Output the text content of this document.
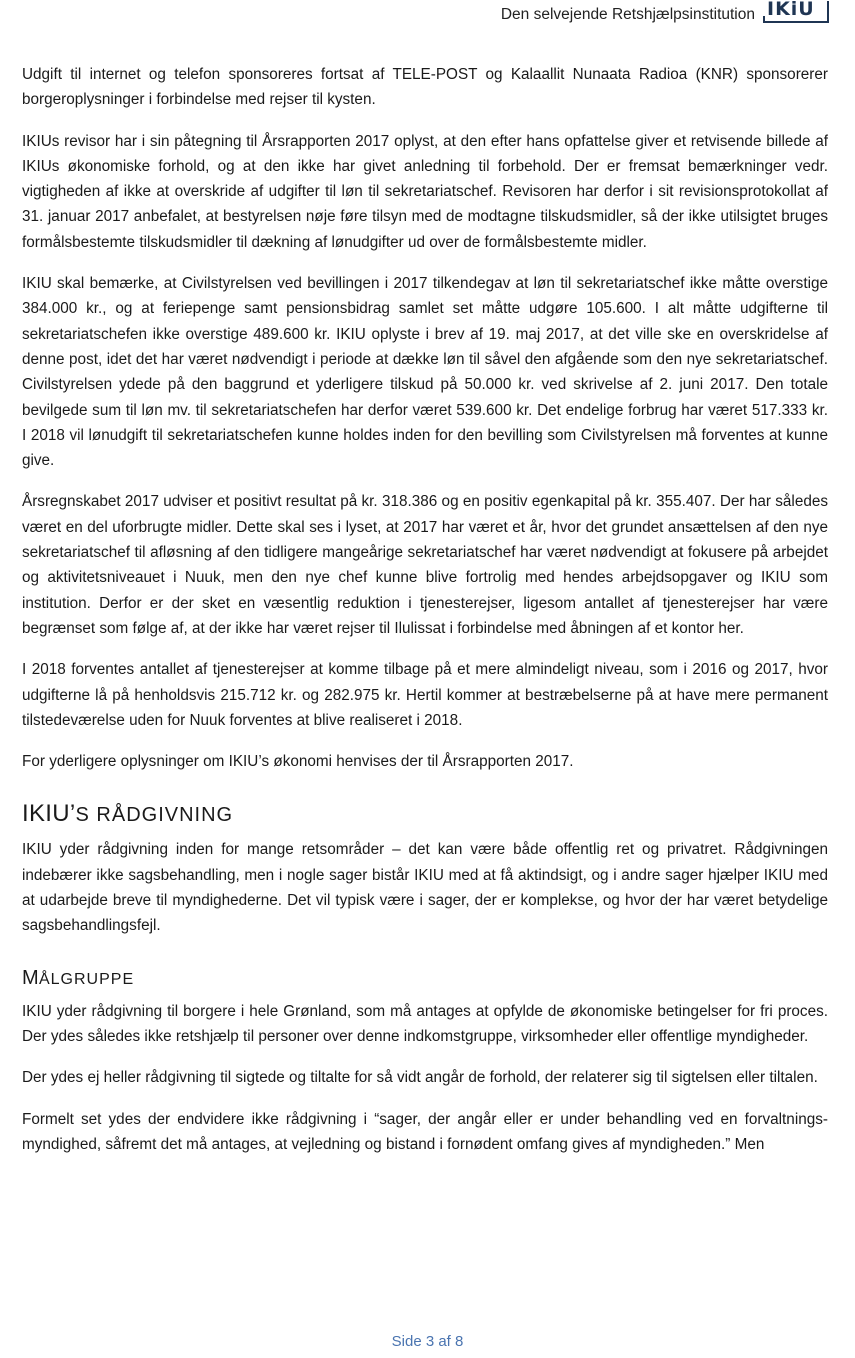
Den selvejende Retshjælpsinstitution IKiU

Udgift til internet og telefon sponsoreres fortsat af TELE-POST og Kalaallit Nunaata Radioa (KNR) sponsorerer borgeroplysninger i forbindelse med rejser til kysten.

IKIUs revisor har i sin påtegning til Årsrapporten 2017 oplyst, at den efter hans opfattelse giver et retvisende billede af IKIUs økonomiske forhold, og at den ikke har givet anledning til forbehold. Der er fremsat bemærkninger vedr. vigtigheden af ikke at overskride af udgifter til løn til sekretariatschef. Revisoren har derfor i sit revisionsprotokollat af 31. januar 2017 anbefalet, at bestyrelsen nøje føre tilsyn med de modtagne tilskudsmidler, så der ikke utilsigtet bruges formålsbestemte tilskudsmidler til dækning af lønudgifter ud over de formålsbestemte midler.

IKIU skal bemærke, at Civilstyrelsen ved bevillingen i 2017 tilkendegav at løn til sekretariatschef ikke måtte overstige 384.000 kr., og at feriepenge samt pensionsbidrag samlet set måtte udgøre 105.600. I alt måtte udgifterne til sekretariatschefen ikke overstige 489.600 kr. IKIU oplyste i brev af 19. maj 2017, at det ville ske en overskridelse af denne post, idet det har været nødvendigt i periode at dække løn til såvel den afgående som den nye sekretariatschef. Civilstyrelsen ydede på den baggrund et yderligere tilskud på 50.000 kr. ved skrivelse af 2. juni 2017. Den totale bevilgede sum til løn mv. til sekretariatschefen har derfor været 539.600 kr. Det endelige forbrug har været 517.333 kr. I 2018 vil lønudgift til sekretariatschefen kunne holdes inden for den bevilling som Civilstyrelsen må forventes at kunne give.

Årsregnskabet 2017 udviser et positivt resultat på kr. 318.386 og en positiv egenkapital på kr. 355.407. Der har således været en del uforbrugte midler. Dette skal ses i lyset, at 2017 har været et år, hvor det grundet ansættelsen af den nye sekretariatschef til afløsning af den tidligere mangeårige sekretariatschef har været nødvendigt at fokusere på arbejdet og aktivitetsniveauet i Nuuk, men den nye chef kunne blive fortrolig med hendes arbejdsopgaver og IKIU som institution. Derfor er der sket en væsentlig reduktion i tjenesterejser, ligesom antallet af tjenesterejser har være begrænset som følge af, at der ikke har været rejser til Ilulissat i forbindelse med åbningen af et kontor her.

I 2018 forventes antallet af tjenesterejser at komme tilbage på et mere almindeligt niveau, som i 2016 og 2017, hvor udgifterne lå på henholdsvis 215.712 kr. og 282.975 kr. Hertil kommer at bestræbelserne på at have mere permanent tilstedeværelse uden for Nuuk forventes at blive realiseret i 2018.

For yderligere oplysninger om IKIU’s økonomi henvises der til Årsrapporten 2017.

IKIU’S RÅDGIVNING

IKIU yder rådgivning inden for mange retsområder – det kan være både offentlig ret og privatret. Rådgivningen indebærer ikke sagsbehandling, men i nogle sager bistår IKIU med at få aktindsigt, og i andre sager hjælper IKIU med at udarbejde breve til myndighederne. Det vil typisk være i sager, der er komplekse, og hvor der har været betydelige sagsbehandlingsfejl.

MÅLGRUPPE

IKIU yder rådgivning til borgere i hele Grønland, som må antages at opfylde de økonomiske betingelser for fri proces. Der ydes således ikke retshjælp til personer over denne indkomstgruppe, virksomheder eller offentlige myndigheder.

Der ydes ej heller rådgivning til sigtede og tiltalte for så vidt angår de forhold, der relaterer sig til sigtelsen eller tiltalen.

Formelt set ydes der endvidere ikke rådgivning i “sager, der angår eller er under behandling ved en forvaltningsmyndighed, såfremt det må antages, at vejledning og bistand i fornødent omfang gives af myndigheden.” Men

Side 3 af 8
